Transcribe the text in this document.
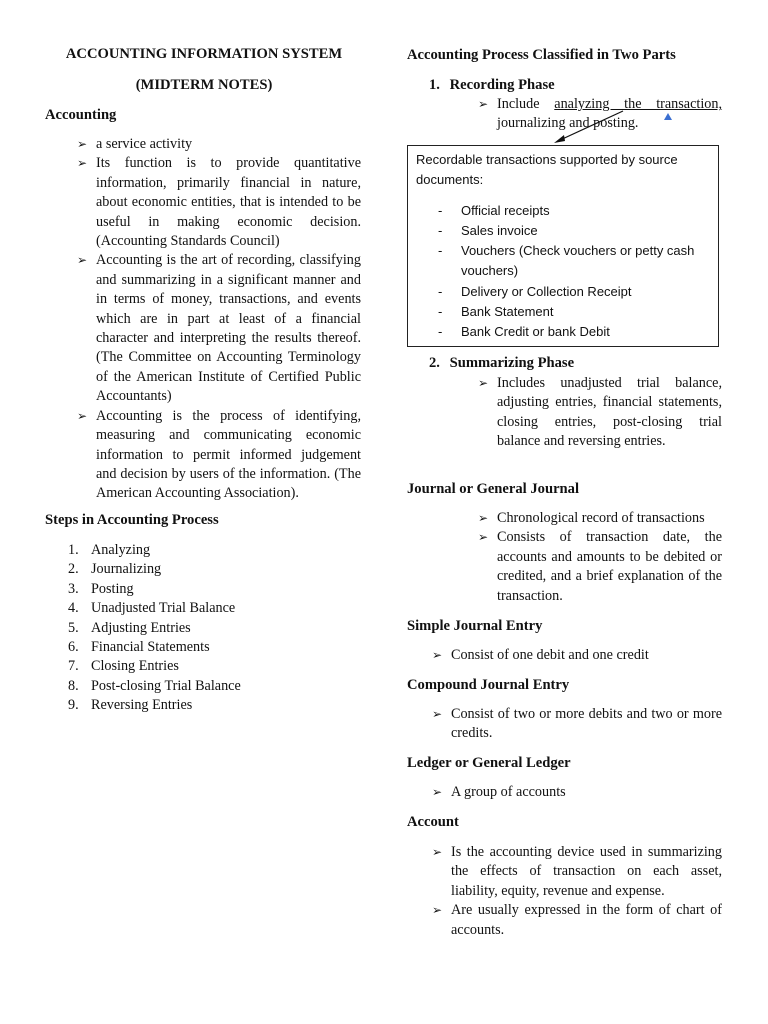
ACCOUNTING INFORMATION SYSTEM
(MIDTERM NOTES)
Accounting
➢ a service activity
➢ Its function is to provide quantitative information, primarily financial in nature, about economic entities, that is intended to be useful in making economic decision. (Accounting Standards Council)
➢ Accounting is the art of recording, classifying and summarizing in a significant manner and in terms of money, transactions, and events which are in part at least of a financial character and interpreting the results thereof. (The Committee on Accounting Terminology of the American Institute of Certified Public Accountants)
➢ Accounting is the process of identifying, measuring and communicating economic information to permit informed judgement and decision by users of the information. (The American Accounting Association).
Steps in Accounting Process
1. Analyzing
2. Journalizing
3. Posting
4. Unadjusted Trial Balance
5. Adjusting Entries
6. Financial Statements
7. Closing Entries
8. Post-closing Trial Balance
9. Reversing Entries
Accounting Process Classified in Two Parts
1. Recording Phase
➢ Include analyzing the transaction, journalizing and posting.
Recordable transactions supported by source documents:
- Official receipts
- Sales invoice
- Vouchers (Check vouchers or petty cash vouchers)
- Delivery or Collection Receipt
- Bank Statement
- Bank Credit or bank Debit
2. Summarizing Phase
➢ Includes unadjusted trial balance, adjusting entries, financial statements, closing entries, post-closing trial balance and reversing entries.
Journal or General Journal
➢ Chronological record of transactions
➢ Consists of transaction date, the accounts and amounts to be debited or credited, and a brief explanation of the transaction.
Simple Journal Entry
➢ Consist of one debit and one credit
Compound Journal Entry
➢ Consist of two or more debits and two or more credits.
Ledger or General Ledger
➢ A group of accounts
Account
➢ Is the accounting device used in summarizing the effects of transaction on each asset, liability, equity, revenue and expense.
➢ Are usually expressed in the form of chart of accounts.
